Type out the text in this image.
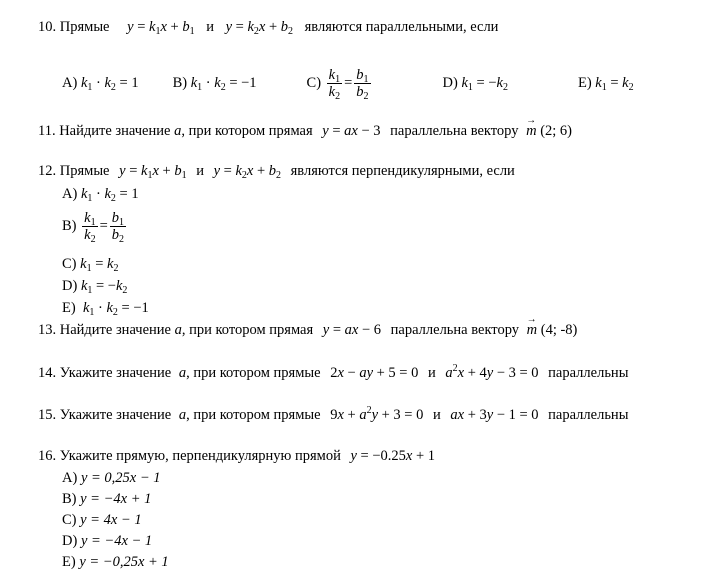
10. Прямые $y = k_1x + b_1$ и $y = k_2x + b_2$ являются параллельными, если
A) $k_1 \cdot k_2 = 1$ B) $k_1 \cdot k_2 = -1$	C)
$\frac{k_1}{k_2} = \frac{b_1}{b_2}$	D) $k_1 = -k_2$	E) $k_1 = k_2$
11. Найдите значение a, при котором прямая y = ax − 3 параллельна вектору → m (2; 6)
12. Прямые $y = k_1x + b_1$ и $y = k_2x + b_2$ являются перпендикулярными, если
A) $k_1 \cdot k_2 = 1$
B)
$\frac{k_1}{k_2} = \frac{b_1}{b_2}$
C) $k_1 = k_2$
D) $k_1 = -k_2$
E) $k_1 \cdot k_2 = -1$
13. Найдите значение a, при котором прямая y = ax − 6 параллельна вектору → m (4; -8)
14. Укажите значение a, при котором прямые 2x − ay + 5 = 0 и $a^2x + 4y - 3 = 0$ параллельны
15. Укажите значение a, при котором прямые $9x + a^2y + 3 = 0$ и ax + 3y − 1 = 0 параллельны
16. Укажите прямую, перпендикулярную прямой y = −0.25x + 1
A) y = 0,25x − 1
B) y = −4x + 1
C) y = 4x − 1
D) y = −4x − 1
E) y = −0,25x + 1
